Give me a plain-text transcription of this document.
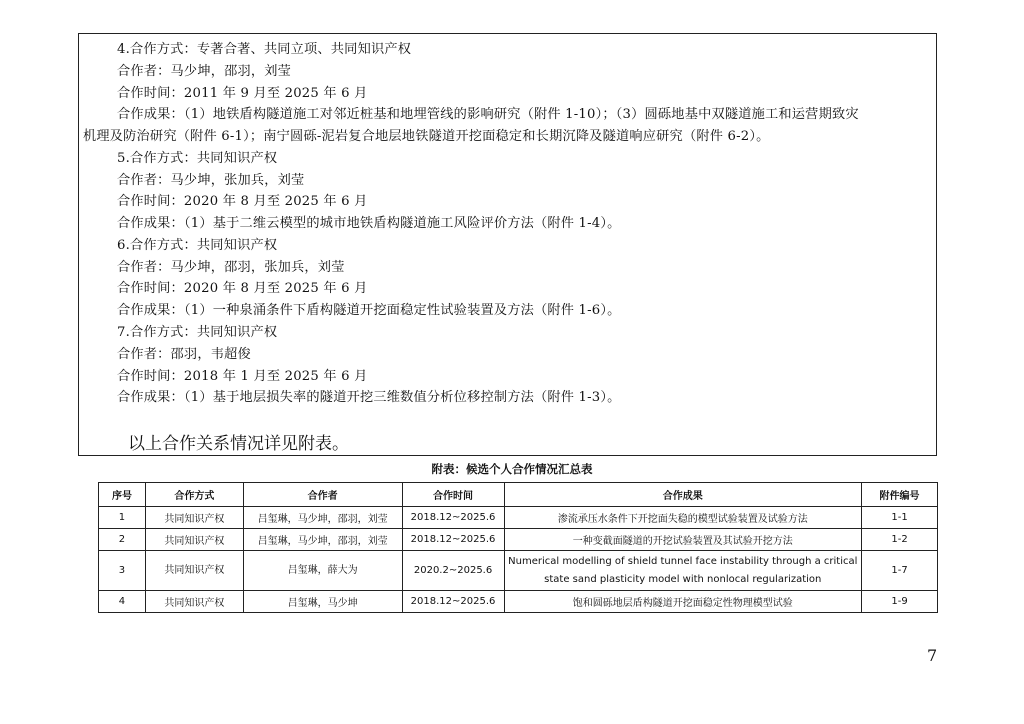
4.合作方式：专著合著、共同立项、共同知识产权
合作者：马少坤，邵羽，刘莹
合作时间：2011 年 9 月至 2025 年 6 月
合作成果：（1）地铁盾构隧道施工对邻近桩基和地埋管线的影响研究（附件 1-10）；（3）圆砾地基中双隧道施工和运营期致灾
机理及防治研究（附件 6-1）；南宁圆砾-泥岩复合地层地铁隧道开挖面稳定和长期沉降及隧道响应研究（附件 6-2）。
5.合作方式：共同知识产权
合作者：马少坤，张加兵，刘莹
合作时间：2020 年 8 月至 2025 年 6 月
合作成果：（1）基于二维云模型的城市地铁盾构隧道施工风险评价方法（附件 1-4）。
6.合作方式：共同知识产权
合作者：马少坤，邵羽，张加兵，刘莹
合作时间：2020 年 8 月至 2025 年 6 月
合作成果：（1）一种泉涌条件下盾构隧道开挖面稳定性试验装置及方法（附件 1-6）。
7.合作方式：共同知识产权
合作者：邵羽，韦超俊
合作时间：2018 年 1 月至 2025 年 6 月
合作成果：（1）基于地层损失率的隧道开挖三维数值分析位移控制方法（附件 1-3）。
以上合作关系情况详见附表。
附表：候选个人合作情况汇总表
序号	合作方式	合作者	合作时间	合作成果	附件编号
1	共同知识产权	吕玺琳，马少坤，邵羽，刘莹	2018.12~2025.6	渗流承压水条件下开挖面失稳的模型试验装置及试验方法	1-1
2	共同知识产权	吕玺琳，马少坤，邵羽，刘莹	2018.12~2025.6	一种变截面隧道的开挖试验装置及其试验开挖方法	1-2
3	共同知识产权	吕玺琳，薛大为	2020.2~2025.6	Numerical modelling of shield tunnel face instability through a critical state sand plasticity model with nonlocal regularization	1-7
4	共同知识产权	吕玺琳，马少坤	2018.12~2025.6	饱和圆砾地层盾构隧道开挖面稳定性物理模型试验	1-9
7
